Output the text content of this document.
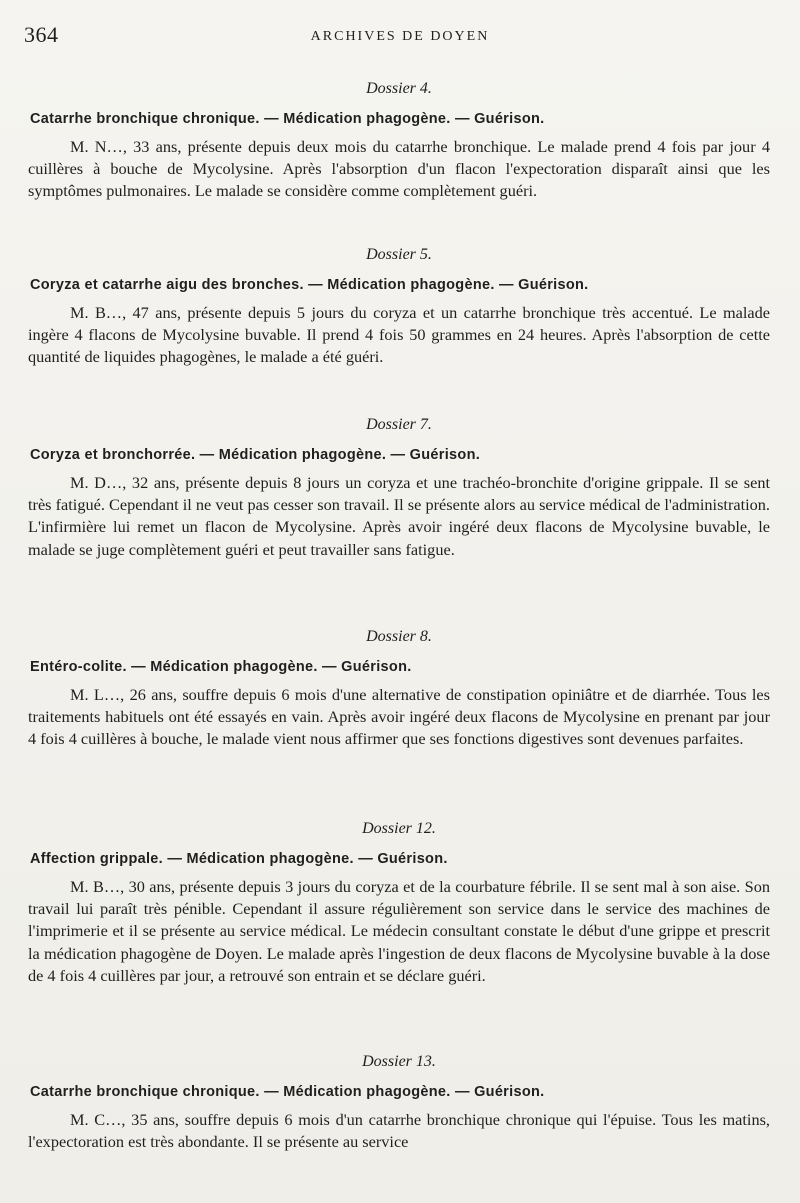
364	ARCHIVES DE DOYEN

Dossier 4.

Catarrhe bronchique chronique. — Médication phagogène. — Guérison.

M. N…, 33 ans, présente depuis deux mois du catarrhe bronchique. Le malade prend 4 fois par jour 4 cuillères à bouche de Mycolysine. Après l'absorption d'un flacon l'expectoration disparaît ainsi que les symptômes pulmonaires. Le malade se considère comme complètement guéri.

Dossier 5.

Coryza et catarrhe aigu des bronches. — Médication phagogène. — Guérison.

M. B…, 47 ans, présente depuis 5 jours du coryza et un catarrhe bronchique très accentué. Le malade ingère 4 flacons de Mycolysine buvable. Il prend 4 fois 50 grammes en 24 heures. Après l'absorption de cette quantité de liquides phagogènes, le malade a été guéri.

Dossier 7.

Coryza et bronchorrée. — Médication phagogène. — Guérison.

M. D…, 32 ans, présente depuis 8 jours un coryza et une trachéo-bronchite d'origine grippale. Il se sent très fatigué. Cependant il ne veut pas cesser son travail. Il se présente alors au service médical de l'administration. L'infirmière lui remet un flacon de Mycolysine. Après avoir ingéré deux flacons de Mycolysine buvable, le malade se juge complètement guéri et peut travailler sans fatigue.

Dossier 8.

Entéro-colite. — Médication phagogène. — Guérison.

M. L…, 26 ans, souffre depuis 6 mois d'une alternative de constipation opiniâtre et de diarrhée. Tous les traitements habituels ont été essayés en vain. Après avoir ingéré deux flacons de Mycolysine en prenant par jour 4 fois 4 cuillères à bouche, le malade vient nous affirmer que ses fonctions digestives sont devenues parfaites.

Dossier 12.

Affection grippale. — Médication phagogène. — Guérison.

M. B…, 30 ans, présente depuis 3 jours du coryza et de la courbature fébrile. Il se sent mal à son aise. Son travail lui paraît très pénible. Cependant il assure régulièrement son service dans le service des machines de l'imprimerie et il se présente au service médical. Le médecin consultant constate le début d'une grippe et prescrit la médication phagogène de Doyen. Le malade après l'ingestion de deux flacons de Mycolysine buvable à la dose de 4 fois 4 cuillères par jour, a retrouvé son entrain et se déclare guéri.

Dossier 13.

Catarrhe bronchique chronique. — Médication phagogène. — Guérison.

M. C…, 35 ans, souffre depuis 6 mois d'un catarrhe bronchique chronique qui l'épuise. Tous les matins, l'expectoration est très abondante. Il se présente au service
